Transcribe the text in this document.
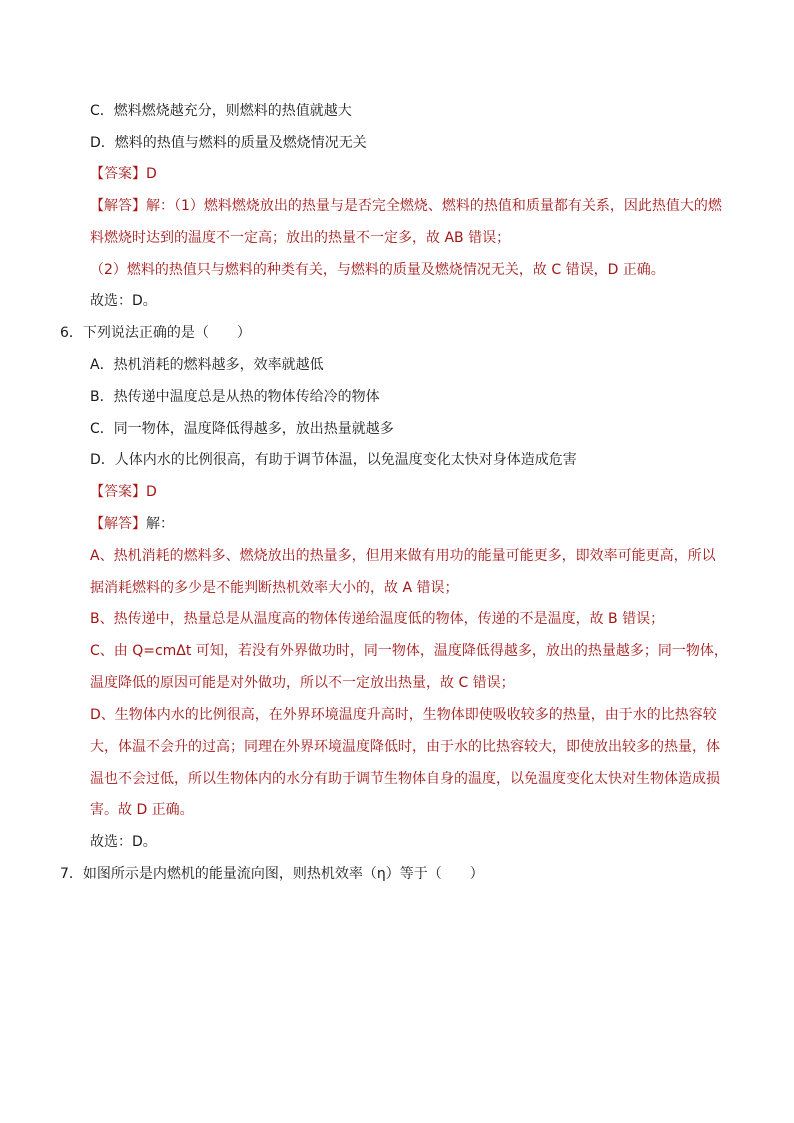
C．燃料燃烧越充分，则燃料的热值就越大
D．燃料的热值与燃料的质量及燃烧情况无关
【答案】D
【解答】解：（1）燃料燃烧放出的热量与是否完全燃烧、燃料的热值和质量都有关系，因此热值大的燃
料燃烧时达到的温度不一定高；放出的热量不一定多，故 AB 错误；
（2）燃料的热值只与燃料的种类有关，与燃料的质量及燃烧情况无关，故 C 错误，D 正确。
故选：D。
6．下列说法正确的是（　　）
A．热机消耗的燃料越多，效率就越低
B．热传递中温度总是从热的物体传给冷的物体
C．同一物体，温度降低得越多，放出热量就越多
D．人体内水的比例很高，有助于调节体温，以免温度变化太快对身体造成危害
【答案】D
【解答】解：
A、热机消耗的燃料多、燃烧放出的热量多，但用来做有用功的能量可能更多，即效率可能更高，所以
据消耗燃料的多少是不能判断热机效率大小的，故 A 错误；
B、热传递中，热量总是从温度高的物体传递给温度低的物体，传递的不是温度，故 B 错误；
C、由 Q=cmΔt 可知，若没有外界做功时，同一物体，温度降低得越多，放出的热量越多；同一物体，
温度降低的原因可能是对外做功，所以不一定放出热量，故 C 错误；
D、生物体内水的比例很高，在外界环境温度升高时，生物体即使吸收较多的热量，由于水的比热容较
大，体温不会升的过高；同理在外界环境温度降低时，由于水的比热容较大，即使放出较多的热量，体
温也不会过低，所以生物体内的水分有助于调节生物体自身的温度，以免温度变化太快对生物体造成损
害。故 D 正确。
故选：D。
7．如图所示是内燃机的能量流向图，则热机效率（η）等于（　　）
